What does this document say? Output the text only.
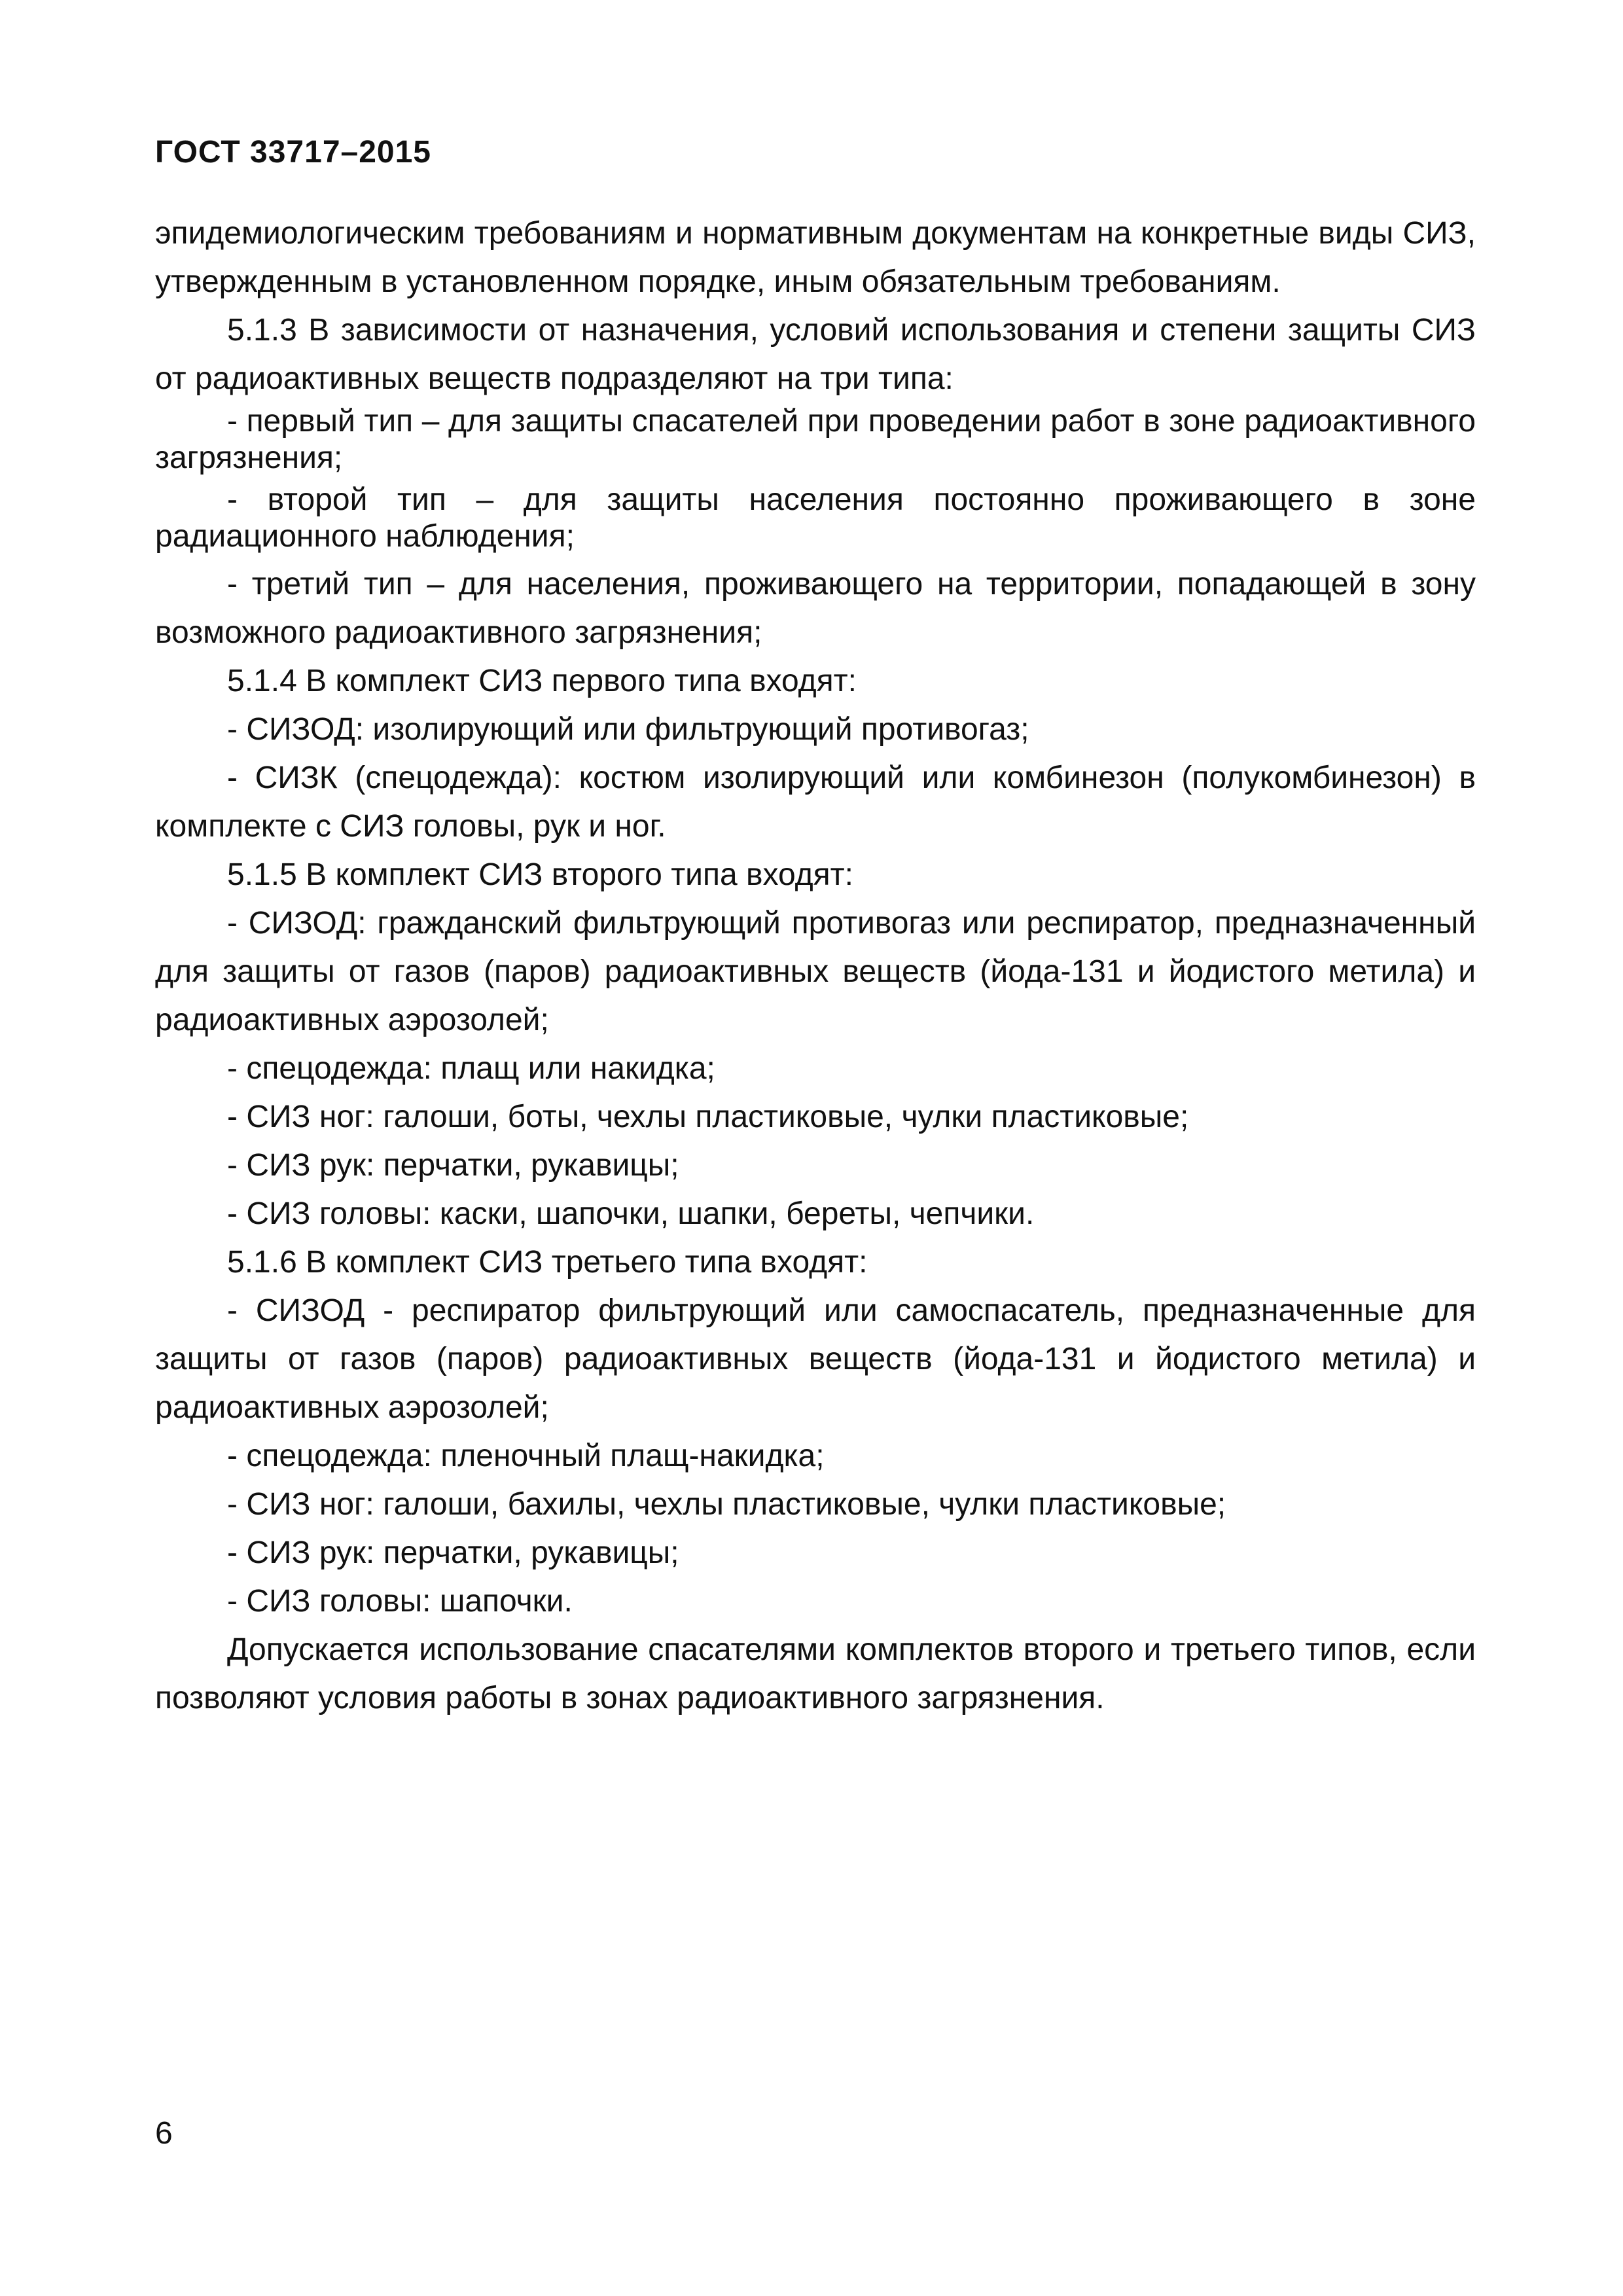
ГОСТ 33717–2015

эпидемиологическим требованиям и нормативным документам на конкретные виды СИЗ, утвержденным в установленном порядке, иным обязательным требованиям.

5.1.3 В зависимости от назначения, условий использования и степени защиты СИЗ от радиоактивных веществ подразделяют на три типа:

- первый тип – для защиты спасателей при проведении работ в зоне радиоактивного загрязнения;

- второй тип – для защиты населения постоянно проживающего в зоне радиационного наблюдения;

- третий тип – для населения, проживающего на территории, попадающей в зону возможного радиоактивного загрязнения;

5.1.4 В комплект СИЗ первого типа входят:

- СИЗОД: изолирующий или фильтрующий противогаз;

- СИЗК (спецодежда): костюм изолирующий или комбинезон (полукомбинезон) в комплекте с СИЗ головы, рук и ног.

5.1.5 В комплект СИЗ второго типа входят:

- СИЗОД: гражданский фильтрующий противогаз или респиратор, предназначенный для защиты от газов (паров) радиоактивных веществ (йода-131 и йодистого метила) и радиоактивных аэрозолей;

- спецодежда: плащ или накидка;

- СИЗ ног: галоши, боты, чехлы пластиковые, чулки пластиковые;

- СИЗ рук: перчатки, рукавицы;

- СИЗ головы: каски, шапочки, шапки, береты, чепчики.

5.1.6 В комплект СИЗ третьего типа входят:

- СИЗОД - респиратор фильтрующий или самоспасатель, предназначенные для защиты от газов (паров) радиоактивных веществ (йода-131 и йодистого метила) и радиоактивных аэрозолей;

- спецодежда: пленочный плащ-накидка;

- СИЗ ног: галоши, бахилы, чехлы пластиковые, чулки пластиковые;

- СИЗ рук: перчатки, рукавицы;

- СИЗ головы: шапочки.

Допускается использование спасателями комплектов второго и третьего типов, если позволяют условия работы в зонах радиоактивного загрязнения.

6
